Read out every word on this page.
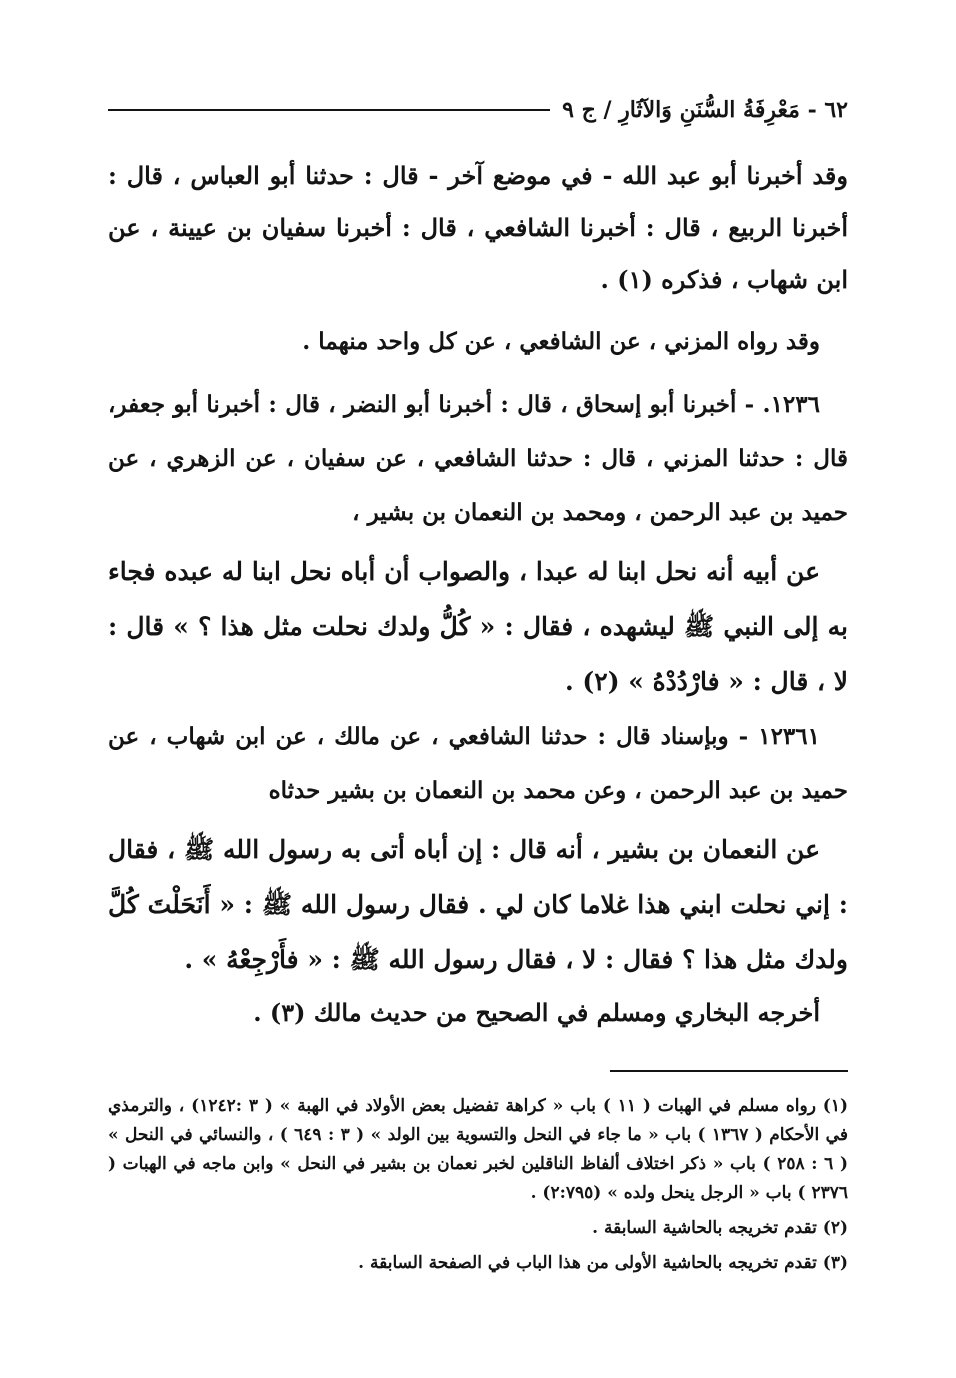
٦٢ - مَعْرِفَةُ السُّنَنِ وَالآثَارِ / ج ٩

وقد أخبرنا أبو عبد الله - في موضع آخر - قال : حدثنا أبو العباس ، قال : أخبرنا الربيع ، قال : أخبرنا الشافعي ، قال : أخبرنا سفيان بن عيينة ، عن ابن شهاب ، فذكره (١) .

وقد رواه المزني ، عن الشافعي ، عن كل واحد منهما .

١٢٣٦. - أخبرنا أبو إسحاق ، قال : أخبرنا أبو النضر ، قال : أخبرنا أبو جعفر، قال : حدثنا المزني ، قال : حدثنا الشافعي ، عن سفيان ، عن الزهري ، عن حميد بن عبد الرحمن ، ومحمد بن النعمان بن بشير ،

عن أبيه أنه نحل ابنا له عبدا ، والصواب أن أباه نحل ابنا له عبده فجاء به إلى النبي ﷺ ليشهده ، فقال : « كُلُّ ولدك نحلت مثل هذا ؟ » قال : لا ، قال : « فارْدُدْهُ » (٢) .

١٢٣٦١ - وبإسناد قال : حدثنا الشافعي ، عن مالك ، عن ابن شهاب ، عن حميد بن عبد الرحمن ، وعن محمد بن النعمان بن بشير حدثاه

عن النعمان بن بشير ، أنه قال : إن أباه أتى به رسول الله ﷺ ، فقال : إني نحلت ابني هذا غلاما كان لي . فقال رسول الله ﷺ : « أَنَحَلْتَ كُلَّ ولدك مثل هذا ؟ فقال : لا ، فقال رسول الله ﷺ : « فأَرْجِعْهُ » .

أخرجه البخاري ومسلم في الصحيح من حديث مالك (٣) .

(١) رواه مسلم في الهبات ( ١١ ) باب « كراهة تفضيل بعض الأولاد في الهبة » ( ٣ :١٢٤٢) ، والترمذي في الأحكام ( ١٣٦٧ ) باب « ما جاء في النحل والتسوية بين الولد » ( ٣ : ٦٤٩ ) ، والنسائي في النحل » ( ٦ : ٢٥٨ ) باب « ذكر اختلاف ألفاظ الناقلين لخبر نعمان بن بشير في النحل » وابن ماجه في الهبات ( ٢٣٧٦ ) باب « الرجل ينحل ولده » (٢:٧٩٥) .

(٢) تقدم تخريجه بالحاشية السابقة .

(٣) تقدم تخريجه بالحاشية الأولى من هذا الباب في الصفحة السابقة .
